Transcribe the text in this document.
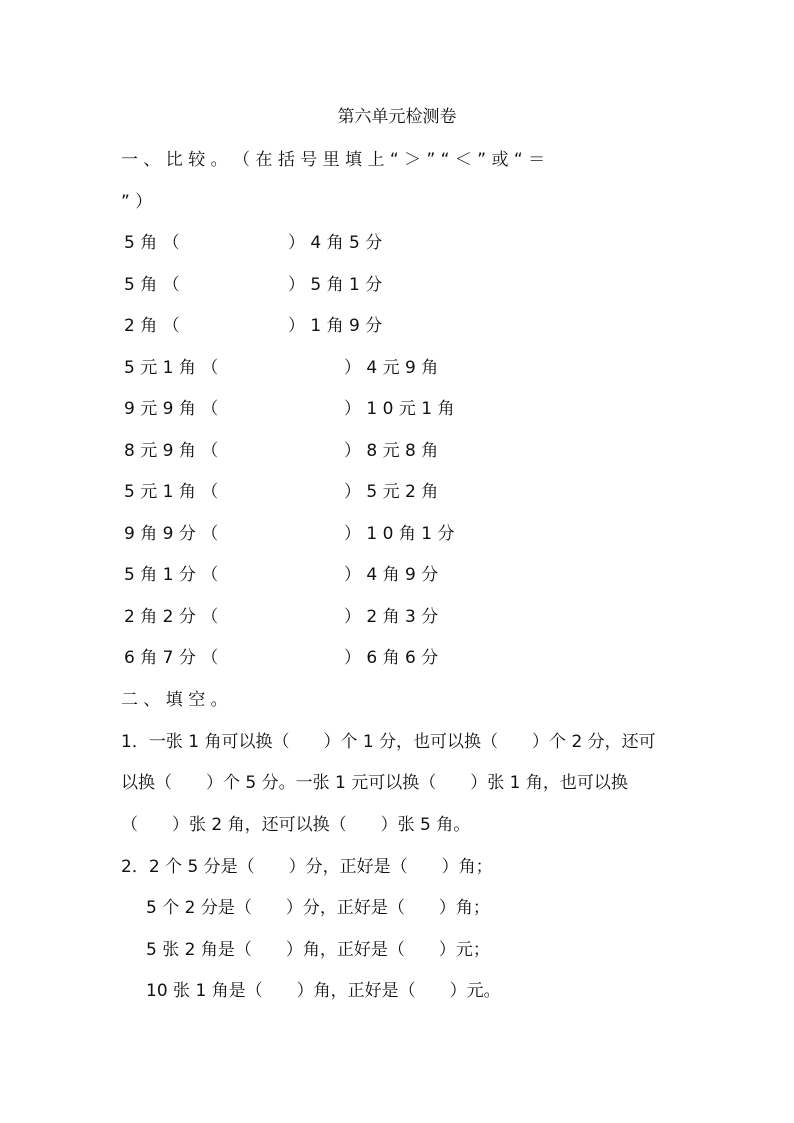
第六单元检测卷
一 、 比 较 。 （ 在 括 号 里 填 上 “ ＞ ” “ ＜ ” 或 “ ＝
” ）
5 角 （	） 4 角 5 分
5 角 （	） 5 角 1 分
2 角 （	） 1 角 9 分
5 元 1 角 （	） 4 元 9 角
9 元 9 角 （	） 1 0 元 1 角
8 元 9 角 （	） 8 元 8 角
5 元 1 角 （	） 5 元 2 角
9 角 9 分 （	） 1 0 角 1 分
5 角 1 分 （	） 4 角 9 分
2 角 2 分 （	） 2 角 3 分
6 角 7 分 （	） 6 角 6 分
二 、 填 空 。
1．一张 1 角可以换（　　）个 1 分，也可以换（　　）个 2 分，还可
以换（　　）个 5 分。一张 1 元可以换（　　）张 1 角，也可以换
（　　）张 2 角，还可以换（　　）张 5 角。
2．2 个 5 分是（　　）分，正好是（　　）角；
5 个 2 分是（　　）分，正好是（　　）角；
5 张 2 角是（　　）角，正好是（　　）元；
10 张 1 角是（　　）角，正好是（　　）元。
